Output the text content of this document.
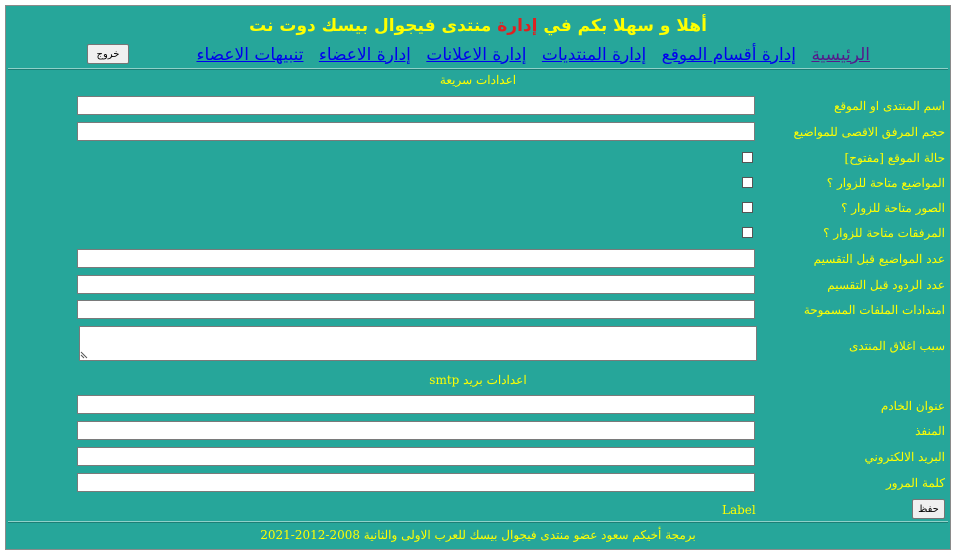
أهلا و سهلا بكم في إدارة منتدى فيجوال بيسك دوت نت
الرئيسية إدارة أقسام الموقع إدارة المنتديات إدارة الاعلانات إدارة الاعضاء تنبيهات الاعضاء
خروج
اعدادات سريعة
اسم المنتدى او الموقع
حجم المرفق الاقصى للمواضيع
حالة الموقع [مفتوح]
المواضيع متاحة للزوار ؟
الصور متاحة للزوار ؟
المرفقات متاحة للزوار ؟
عدد المواضيع قبل التقسيم
عدد الردود قبل التقسيم
امتدادات الملفات المسموحة
سبب اغلاق المنتدى
اعدادات بريد smtp
عنوان الخادم
المنفذ
البريد الالكتروني
كلمة المرور
حفظ
Label
برمجة أخيكم سعود عضو منتدى فيجوال بيسك للعرب الاولى والثانية 2008-2012-2021
